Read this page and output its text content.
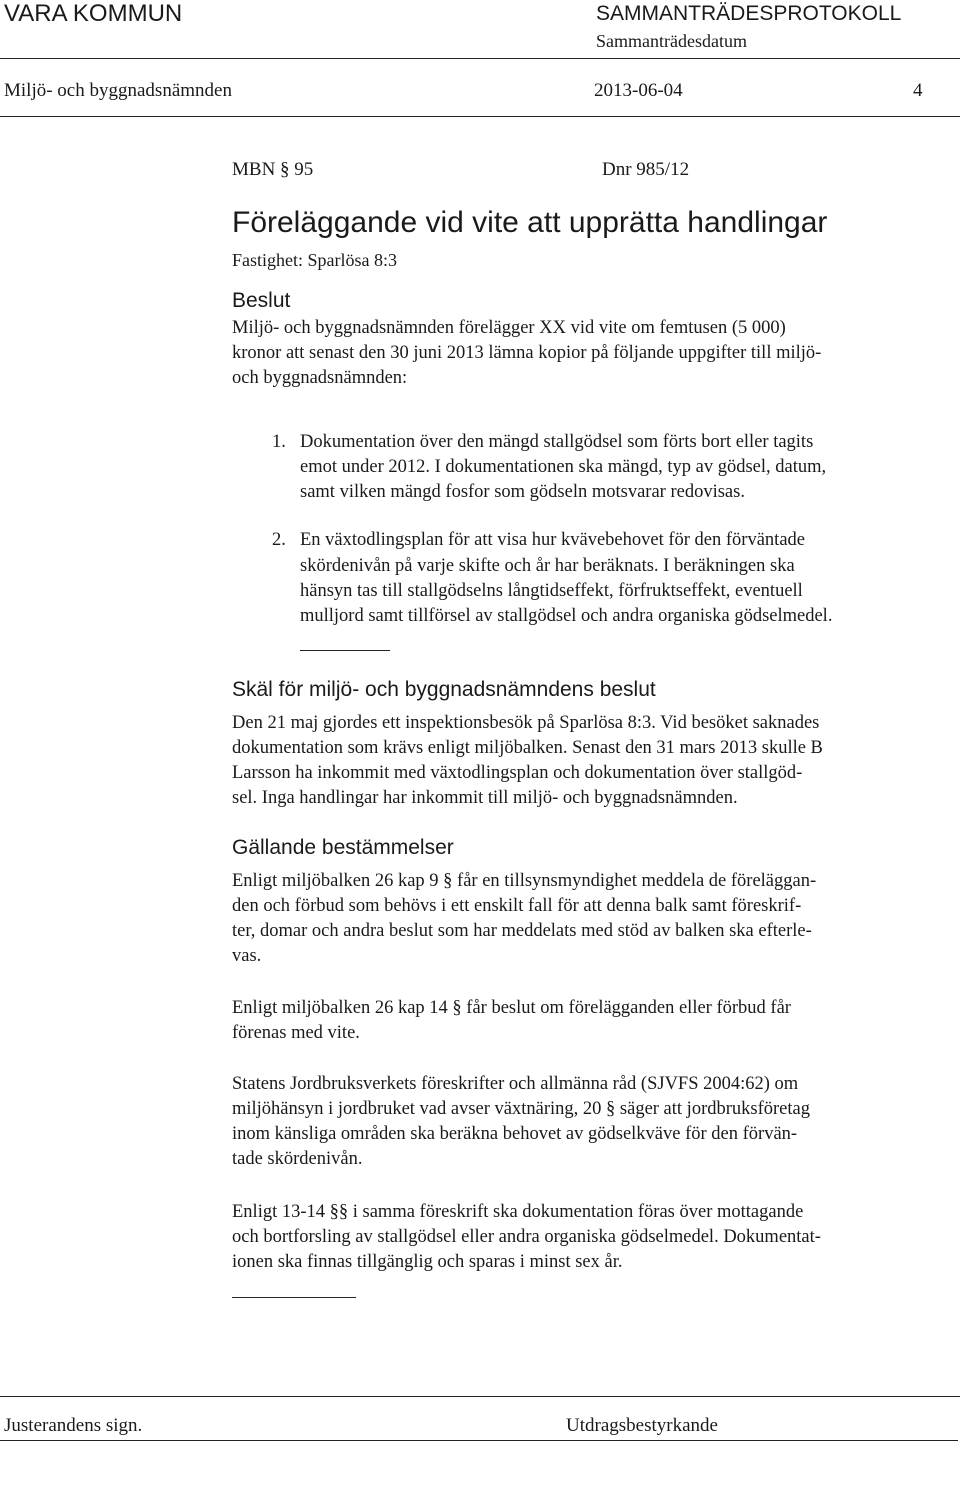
VARA KOMMUN	SAMMANTRÄDESPROTOKOLL
Sammanträdesdatum
Miljö- och byggnadsnämnden	2013-06-04	4
MBN § 95	Dnr 985/12
Föreläggande vid vite att upprätta handlingar
Fastighet: Sparlösa 8:3
Beslut
Miljö- och byggnadsnämnden förelägger XX vid vite om femtusen (5 000)
kronor att senast den 30 juni 2013 lämna kopior på följande uppgifter till miljö-
och byggnadsnämnden:
1. Dokumentation över den mängd stallgödsel som förts bort eller tagits
emot under 2012. I dokumentationen ska mängd, typ av gödsel, datum,
samt vilken mängd fosfor som gödseln motsvarar redovisas.
2. En växtodlingsplan för att visa hur kvävebehovet för den förväntade
skördenivån på varje skifte och år har beräknats. I beräkningen ska
hänsyn tas till stallgödselns långtidseffekt, förfruktseffekt, eventuell
mulljord samt tillförsel av stallgödsel och andra organiska gödselmedel.
Skäl för miljö- och byggnadsnämndens beslut
Den 21 maj gjordes ett inspektionsbesök på Sparlösa 8:3. Vid besöket saknades
dokumentation som krävs enligt miljöbalken. Senast den 31 mars 2013 skulle B
Larsson ha inkommit med växtodlingsplan och dokumentation över stallgöd-
sel. Inga handlingar har inkommit till miljö- och byggnadsnämnden.
Gällande bestämmelser
Enligt miljöbalken 26 kap 9 § får en tillsynsmyndighet meddela de föreläggan-
den och förbud som behövs i ett enskilt fall för att denna balk samt föreskrif-
ter, domar och andra beslut som har meddelats med stöd av balken ska efterle-
vas.
Enligt miljöbalken 26 kap 14 § får beslut om förelägganden eller förbud får
förenas med vite.
Statens Jordbruksverkets föreskrifter och allmänna råd (SJVFS 2004:62) om
miljöhänsyn i jordbruket vad avser växtnäring, 20 § säger att jordbruksföretag
inom känsliga områden ska beräkna behovet av gödselkväve för den förvän-
tade skördenivån.
Enligt 13-14 §§ i samma föreskrift ska dokumentation föras över mottagande
och bortforsling av stallgödsel eller andra organiska gödselmedel. Dokumentat-
ionen ska finnas tillgänglig och sparas i minst sex år.
Justerandens sign.	Utdragsbestyrkande
